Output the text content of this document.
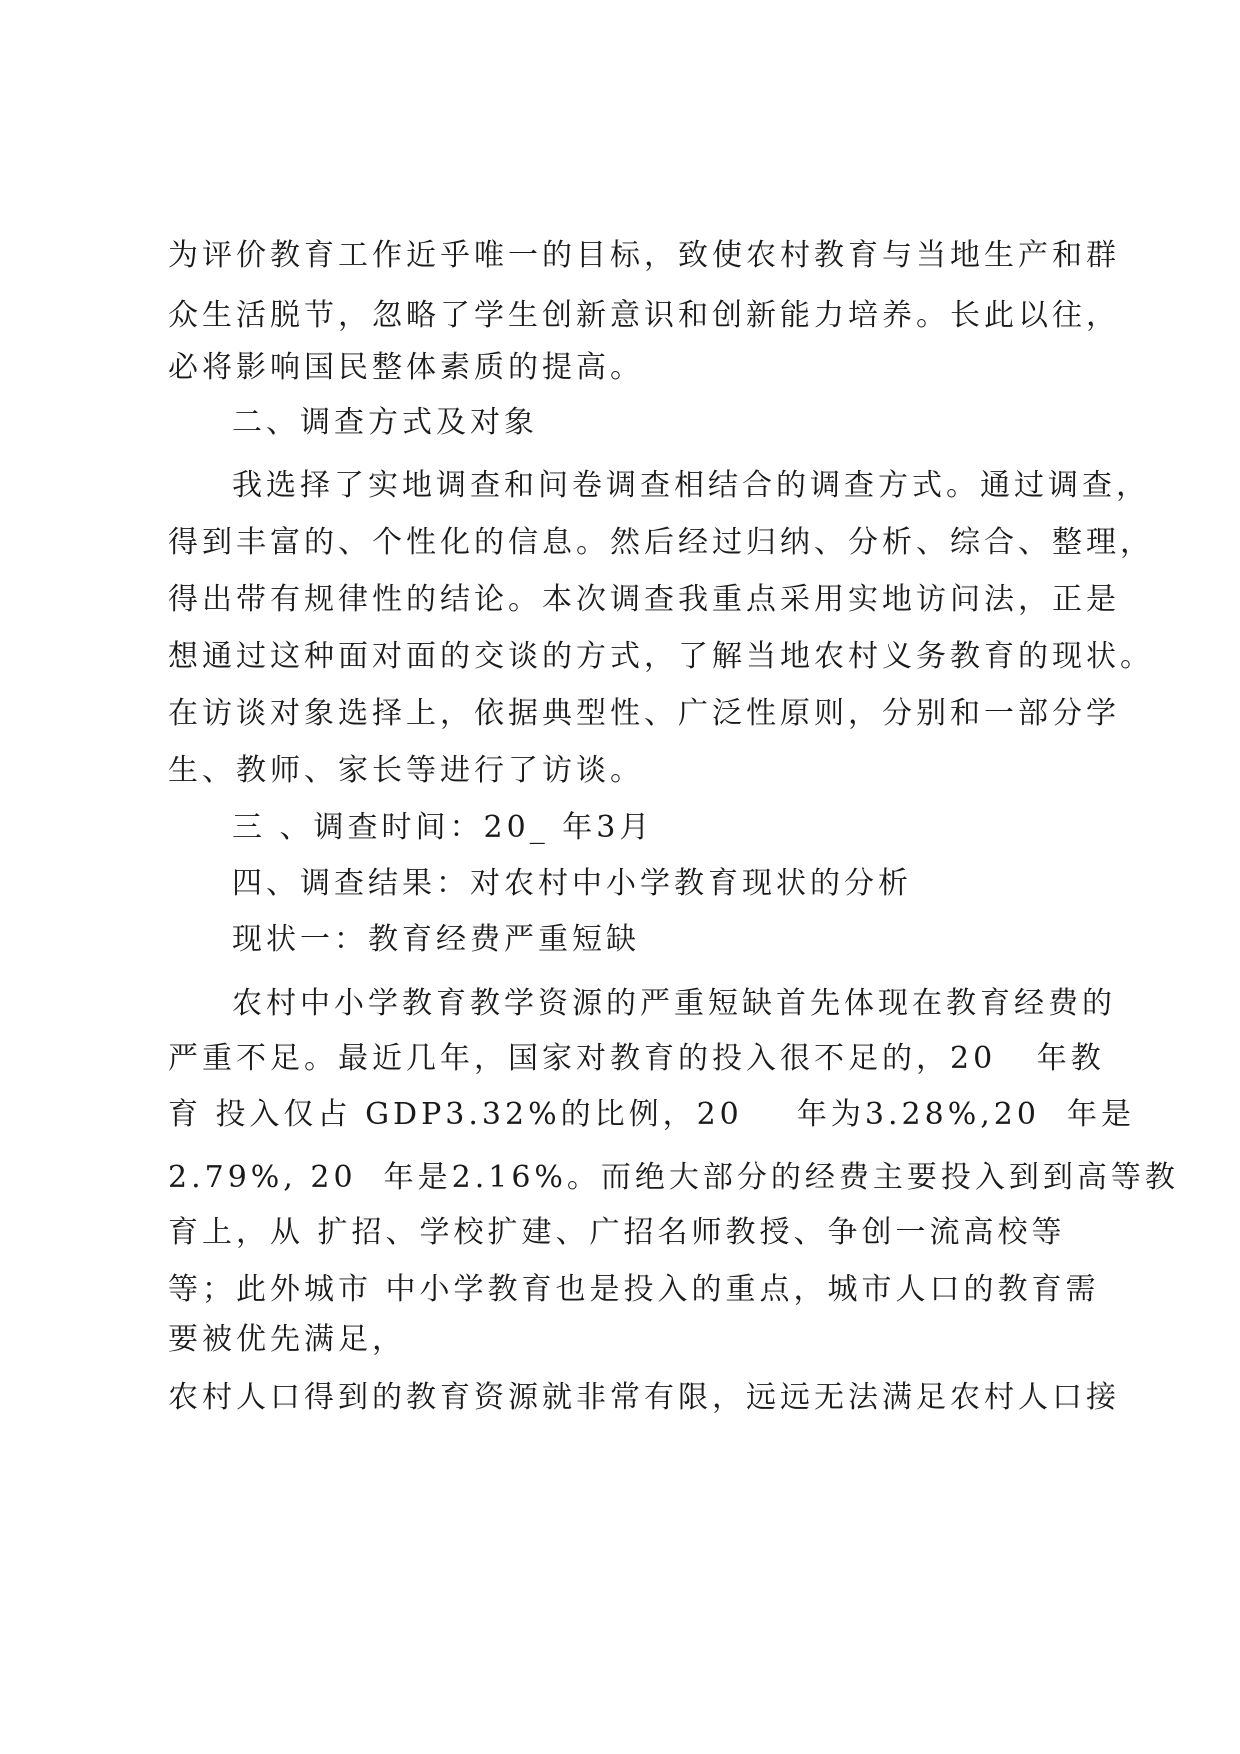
为评价教育工作近乎唯一的目标，致使农村教育与当地生产和群
众生活脱节，忽略了学生创新意识和创新能力培养。长此以往，
必将影响国民整体素质的提高。
二、调查方式及对象
我选择了实地调查和问卷调查相结合的调查方式。通过调查，
得到丰富的、个性化的信息。然后经过归纳、分析、综合、整理，
得出带有规律性的结论。本次调查我重点采用实地访问法，正是
想通过这种面对面的交谈的方式，了解当地农村义务教育的现状。
在访谈对象选择上，依据典型性、广泛性原则，分别和一部分学
生、教师、家长等进行了访谈。
三 、调查时间：20_ 年3月
四、调查结果：对农村中小学教育现状的分析
现状一：教育经费严重短缺
农村中小学教育教学资源的严重短缺首先体现在教育经费的
严重不足。最近几年，国家对教育的投入很不足的，20   年教
育 投入仅占 GDP3.32%的比例，20    年为3.28%,20  年是
2.79%, 20  年是2.16%。而绝大部分的经费主要投入到到高等教
育上，从 扩招、学校扩建、广招名师教授、争创一流高校等
等；此外城市 中小学教育也是投入的重点，城市人口的教育需
要被优先满足，
农村人口得到的教育资源就非常有限，远远无法满足农村人口接
